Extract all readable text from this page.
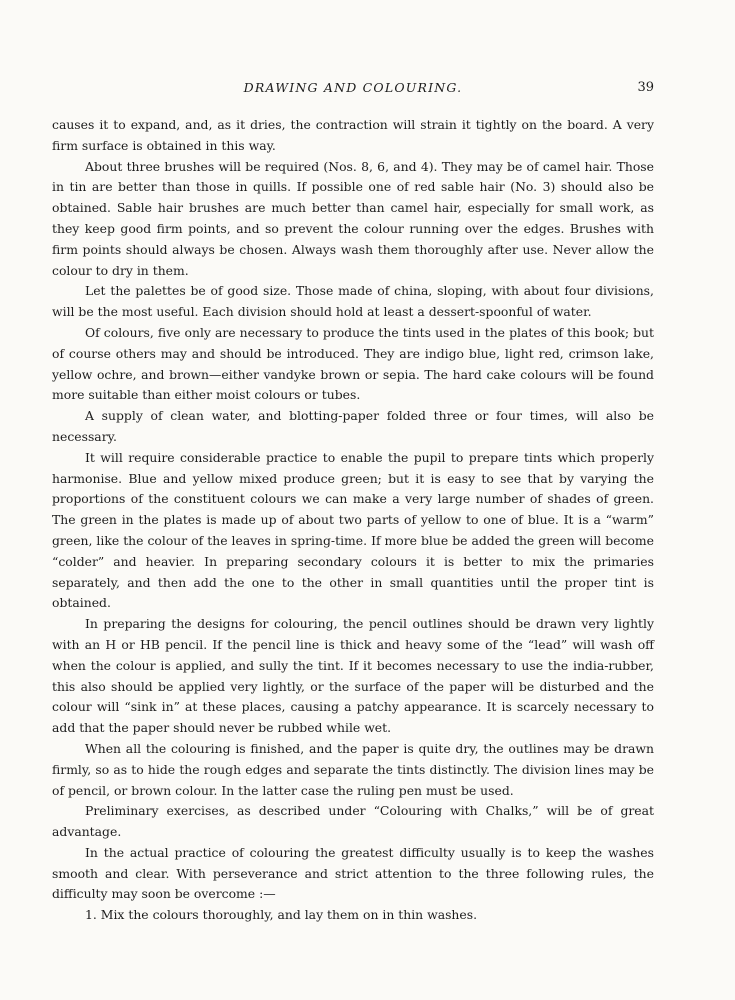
DRAWING AND COLOURING.	39

causes it to expand, and, as it dries, the contraction will strain it tightly on the board. A very firm surface is obtained in this way.

About three brushes will be required (Nos. 8, 6, and 4). They may be of camel hair. Those in tin are better than those in quills. If possible one of red sable hair (No. 3) should also be obtained. Sable hair brushes are much better than camel hair, especially for small work, as they keep good firm points, and so prevent the colour running over the edges. Brushes with firm points should always be chosen. Always wash them thoroughly after use. Never allow the colour to dry in them.

Let the palettes be of good size. Those made of china, sloping, with about four divisions, will be the most useful. Each division should hold at least a dessert-spoonful of water.

Of colours, five only are necessary to produce the tints used in the plates of this book; but of course others may and should be introduced. They are indigo blue, light red, crimson lake, yellow ochre, and brown—either vandyke brown or sepia. The hard cake colours will be found more suitable than either moist colours or tubes.

A supply of clean water, and blotting-paper folded three or four times, will also be necessary.

It will require considerable practice to enable the pupil to prepare tints which properly harmonise. Blue and yellow mixed produce green; but it is easy to see that by varying the proportions of the constituent colours we can make a very large number of shades of green. The green in the plates is made up of about two parts of yellow to one of blue. It is a “warm” green, like the colour of the leaves in spring-time. If more blue be added the green will become “colder” and heavier. In preparing secondary colours it is better to mix the primaries separately, and then add the one to the other in small quantities until the proper tint is obtained.

In preparing the designs for colouring, the pencil outlines should be drawn very lightly with an H or HB pencil. If the pencil line is thick and heavy some of the “lead” will wash off when the colour is applied, and sully the tint. If it becomes necessary to use the india-rubber, this also should be applied very lightly, or the surface of the paper will be disturbed and the colour will “sink in” at these places, causing a patchy appearance. It is scarcely necessary to add that the paper should never be rubbed while wet.

When all the colouring is finished, and the paper is quite dry, the outlines may be drawn firmly, so as to hide the rough edges and separate the tints distinctly. The division lines may be of pencil, or brown colour. In the latter case the ruling pen must be used.

Preliminary exercises, as described under “Colouring with Chalks,” will be of great advantage.

In the actual practice of colouring the greatest difficulty usually is to keep the washes smooth and clear. With perseverance and strict attention to the three following rules, the difficulty may soon be overcome :—

1. Mix the colours thoroughly, and lay them on in thin washes.
